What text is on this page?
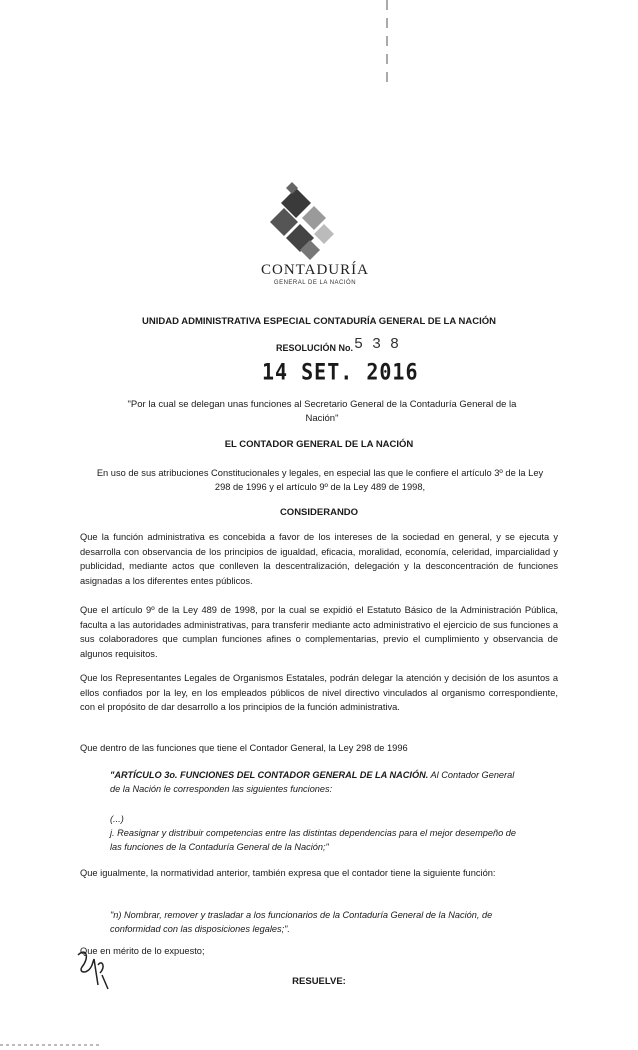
CONTADURÍA
GENERAL DE LA NACIÓN
UNIDAD ADMINISTRATIVA ESPECIAL CONTADURÍA GENERAL DE LA NACIÓN
RESOLUCIÓN No. 5 3 8
14 SET. 2016
"Por la cual se delegan unas funciones al Secretario General de la Contaduría General de la Nación"
EL CONTADOR GENERAL DE LA NACIÓN
En uso de sus atribuciones Constitucionales y legales, en especial las que le confiere el artículo 3º de la Ley 298 de 1996 y el artículo 9º de la Ley 489 de 1998,
CONSIDERANDO
Que la función administrativa es concebida a favor de los intereses de la sociedad en general, y se ejecuta y desarrolla con observancia de los principios de igualdad, eficacia, moralidad, economía, celeridad, imparcialidad y publicidad, mediante actos que conlleven la descentralización, delegación y la desconcentración de funciones asignadas a los diferentes entes públicos.
Que el artículo 9º de la Ley 489 de 1998, por la cual se expidió el Estatuto Básico de la Administración Pública, faculta a las autoridades administrativas, para transferir mediante acto administrativo el ejercicio de sus funciones a sus colaboradores que cumplan funciones afines o complementarias, previo el cumplimiento y observancia de algunos requisitos.
Que los Representantes Legales de Organismos Estatales, podrán delegar la atención y decisión de los asuntos a ellos confiados por la ley, en los empleados públicos de nivel directivo vinculados al organismo correspondiente, con el propósito de dar desarrollo a los principios de la función administrativa.
Que dentro de las funciones que tiene el Contador General, la Ley 298 de 1996
"ARTÍCULO 3o. FUNCIONES DEL CONTADOR GENERAL DE LA NACIÓN. Al Contador General de la Nación le corresponden las siguientes funciones:
(...)
j. Reasignar y distribuir competencias entre las distintas dependencias para el mejor desempeño de las funciones de la Contaduría General de la Nación;"
Que igualmente, la normatividad anterior, también expresa que el contador tiene la siguiente función:
"n) Nombrar, remover y trasladar a los funcionarios de la Contaduría General de la Nación, de conformidad con las disposiciones legales;".
Que en mérito de lo expuesto;
RESUELVE:
